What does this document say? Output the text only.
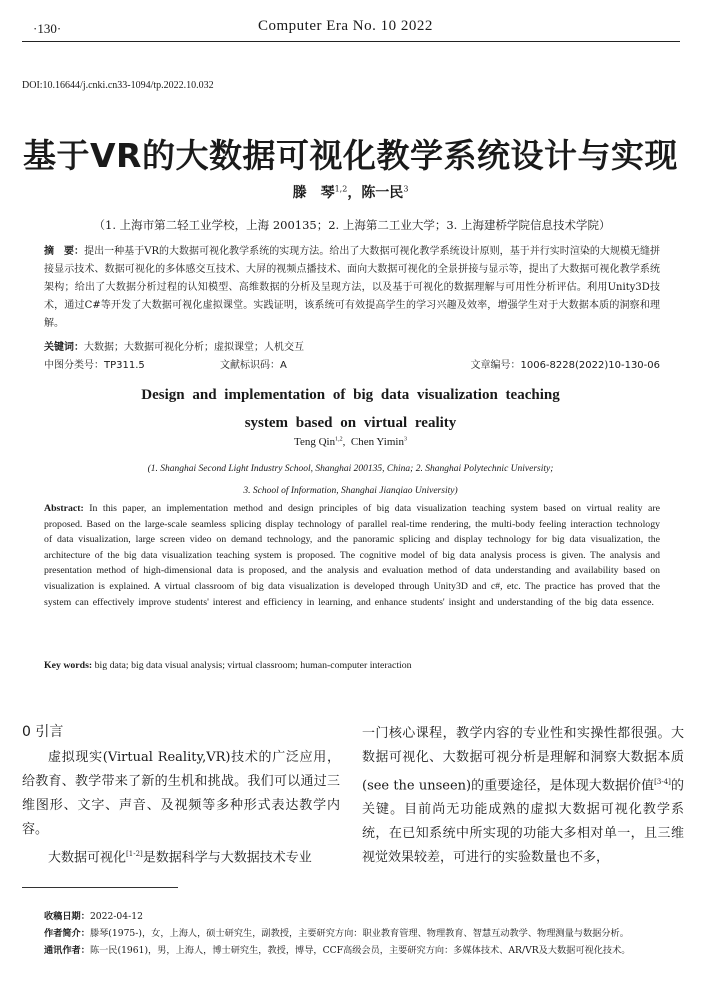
·130·	Computer Era No. 10 2022
DOI:10.16644/j.cnki.cn33-1094/tp.2022.10.032
基于VR的大数据可视化教学系统设计与实现
滕　琴$^{1,2}$，陈一民$^3$
（1. 上海市第二轻工业学校，上海 200135；2. 上海第二工业大学；3. 上海建桥学院信息技术学院）
摘　要：提出一种基于VR的大数据可视化教学系统的实现方法。给出了大数据可视化教学系统设计原则，基于并行实时渲染的大规模无缝拼接显示技术、数据可视化的多体感交互技术、大屏的视频点播技术、面向大数据可视化的全景拼接与显示等，提出了大数据可视化教学系统架构；给出了大数据分析过程的认知模型、高维数据的分析及呈现方法，以及基于可视化的数据理解与可用性分析评估。利用Unity3D技术，通过C#等开发了大数据可视化虚拟课堂。实践证明，该系统可有效提高学生的学习兴趣及效率，增强学生对于大数据本质的洞察和理解。
关键词：大数据；大数据可视化分析；虚拟课堂；人机交互
中图分类号：TP311.5	文献标识码：A	文章编号：1006-8228(2022)10-130-06
Design and implementation of big data visualization teaching
system based on virtual reality
Teng Qin$^{1,2}$,  Chen Yimin$^3$
(1. Shanghai Second Light Industry School, Shanghai 200135, China; 2. Shanghai Polytechnic University;
3. School of Information, Shanghai Jianqiao University)
Abstract: In this paper, an implementation method and design principles of big data visualization teaching system based on virtual reality are proposed. Based on the large-scale seamless splicing display technology of parallel real-time rendering, the multi-body feeling interaction technology of data visualization, large screen video on demand technology, and the panoramic splicing and display technology for big data visualization, the architecture of the big data visualization teaching system is proposed. The cognitive model of big data analysis process is given. The analysis and presentation method of high-dimensional data is proposed, and the analysis and evaluation method of data understanding and availability based on visualization is explained. A virtual classroom of big data visualization is developed through Unity3D and c#, etc. The practice has proved that the system can effectively improve students' interest and efficiency in learning, and enhance students' insight and understanding of the big data essence.
Key words: big data; big data visual analysis; virtual classroom; human-computer interaction
0 引言

虚拟现实(Virtual Reality,VR)技术的广泛应用，给教育、教学带来了新的生机和挑战。我们可以通过三维图形、文字、声音、及视频等多种形式表达教学内容。

大数据可视化[1-2]是数据科学与大数据技术专业

一门核心课程，教学内容的专业性和实操性都很强。大数据可视化、大数据可视分析是理解和洞察大数据本质(see the unseen)的重要途径，是体现大数据价值[3-4]的关键。目前尚无功能成熟的虚拟大数据可视化教学系统，在已知系统中所实现的功能大多相对单一，且三维视觉效果较差，可进行的实验数量也不多，

收稿日期：2022-04-12
作者简介：滕琴(1975-)，女，上海人，硕士研究生，副教授，主要研究方向：职业教育管理、物理教育、智慧互动教学、物理测量与数据分析。
通讯作者：陈一民(1961)，男，上海人，博士研究生，教授，博导，CCF高级会员，主要研究方向：多媒体技术、AR/VR及大数据可视化技术。
